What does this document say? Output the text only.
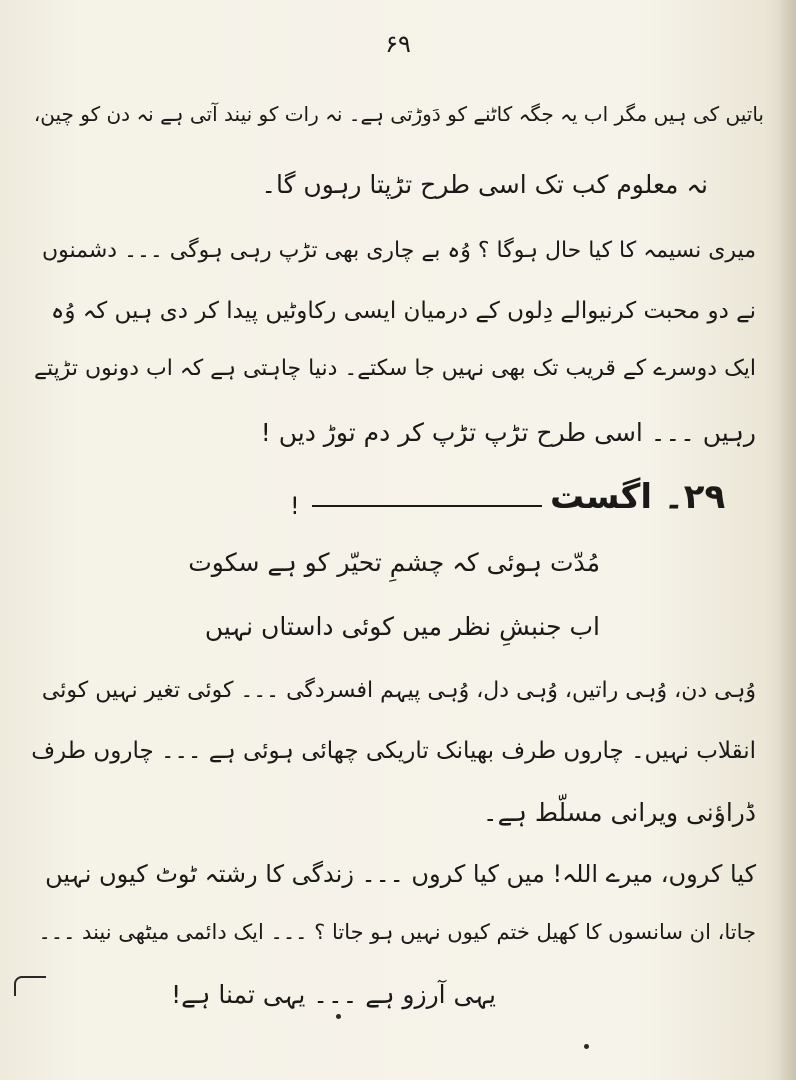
۶۹
باتیں کی ہیں مگر اب یہ جگہ کاٹنے کو دَوڑتی ہے۔ نہ رات کو نیند آتی ہے نہ دن کو چین،
نہ معلوم کب تک اسی طرح تڑپتا رہوں گا۔
میری نسیمہ کا کیا حال ہوگا ؟ وُہ بے چاری بھی تڑپ رہی ہوگی ۔۔۔ دشمنوں
نے دو محبت کرنیوالے دِلوں کے درمیان ایسی رکاوٹیں پیدا کر دی ہیں کہ وُہ
ایک دوسرے کے قریب تک بھی نہیں جا سکتے۔ دنیا چاہتی ہے کہ اب دونوں تڑپتے
رہیں ۔۔۔ اسی طرح تڑپ تڑپ کر دم توڑ دیں !
۲۹۔ اگست
!
مُدّت ہوئی کہ چشمِ تحیّر کو ہے سکوت
اب جنبشِ نظر میں کوئی داستاں نہیں
وُہی دن، وُہی راتیں، وُہی دل، وُہی پیہم افسردگی ۔۔۔ کوئی تغیر نہیں کوئی
انقلاب نہیں۔ چاروں طرف بھیانک تاریکی چھائی ہوئی ہے ۔۔۔ چاروں طرف
ڈراؤنی ویرانی مسلّط ہے۔
کیا کروں، میرے اللہ! میں کیا کروں ۔۔۔ زندگی کا رشتہ ٹوٹ کیوں نہیں
جاتا، ان سانسوں کا کھیل ختم کیوں نہیں ہو جاتا ؟ ۔۔۔ ایک دائمی میٹھی نیند ۔۔۔
یہی آرزو ہے ۔۔۔ یہی تمنا ہے!
